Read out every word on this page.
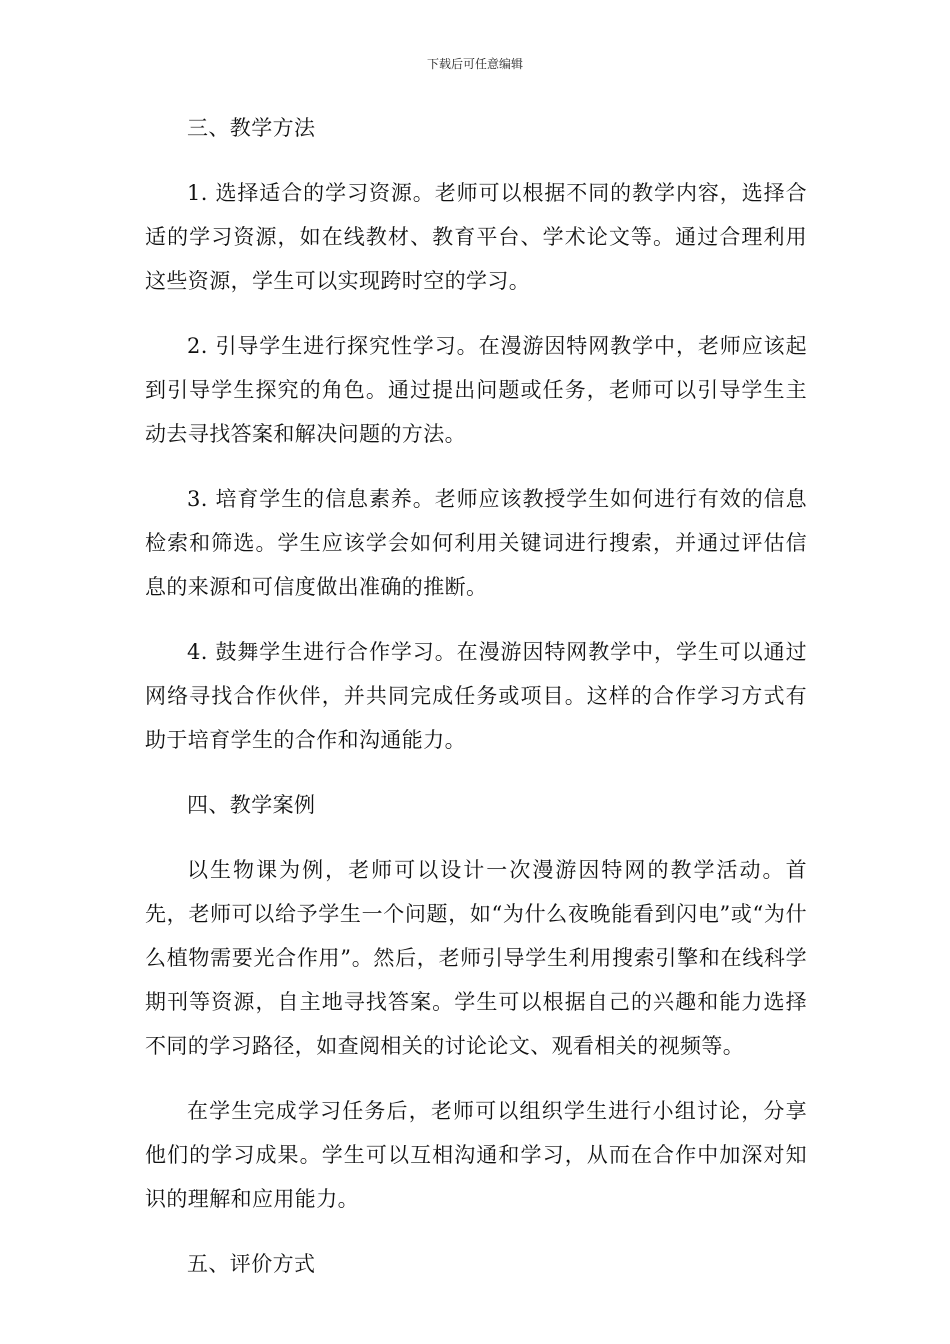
下载后可任意编辑
三、教学方法

1. 选择适合的学习资源。老师可以根据不同的教学内容，选择合适的学习资源，如在线教材、教育平台、学术论文等。通过合理利用这些资源，学生可以实现跨时空的学习。

2. 引导学生进行探究性学习。在漫游因特网教学中，老师应该起到引导学生探究的角色。通过提出问题或任务，老师可以引导学生主动去寻找答案和解决问题的方法。

3. 培育学生的信息素养。老师应该教授学生如何进行有效的信息检索和筛选。学生应该学会如何利用关键词进行搜索，并通过评估信息的来源和可信度做出准确的推断。

4. 鼓舞学生进行合作学习。在漫游因特网教学中，学生可以通过网络寻找合作伙伴，并共同完成任务或项目。这样的合作学习方式有助于培育学生的合作和沟通能力。

四、教学案例

以生物课为例，老师可以设计一次漫游因特网的教学活动。首先，老师可以给予学生一个问题，如“为什么夜晚能看到闪电”或“为什么植物需要光合作用”。然后，老师引导学生利用搜索引擎和在线科学期刊等资源，自主地寻找答案。学生可以根据自己的兴趣和能力选择不同的学习路径，如查阅相关的讨论论文、观看相关的视频等。

在学生完成学习任务后，老师可以组织学生进行小组讨论，分享他们的学习成果。学生可以互相沟通和学习，从而在合作中加深对知识的理解和应用能力。

五、评价方式
